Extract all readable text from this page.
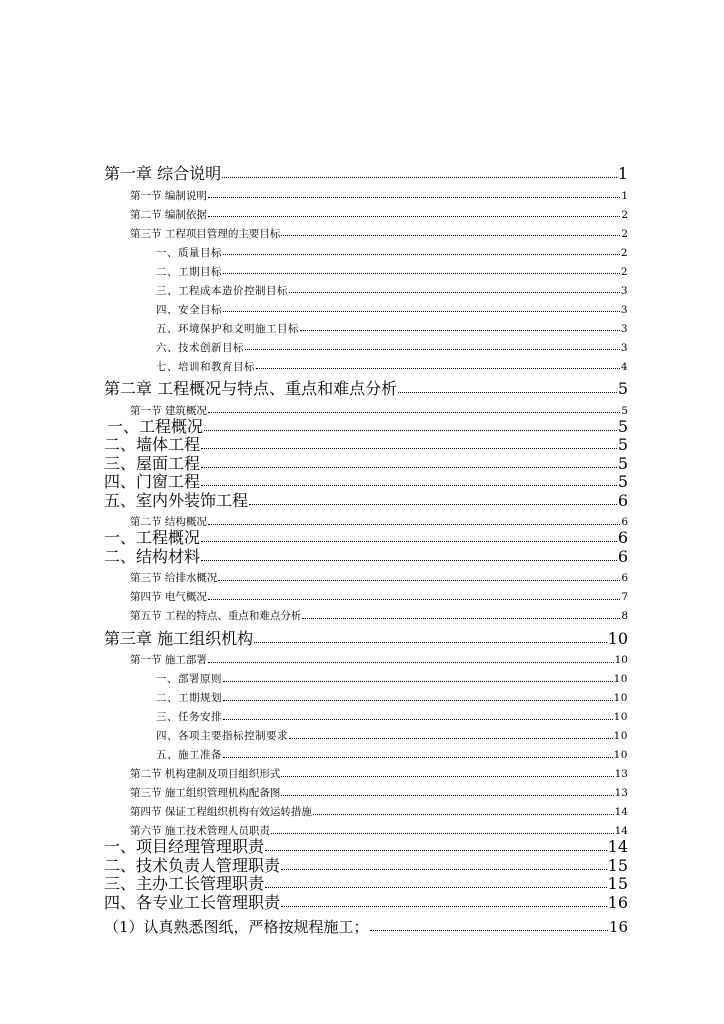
第一章 综合说明	1
第一节 编制说明	1
第二节 编制依据	2
第三节 工程项目管理的主要目标	2
一、质量目标	2
二、工期目标	2
三、工程成本造价控制目标	3
四、安全目标	3
五、环境保护和文明施工目标	3
六、技术创新目标	3
七、培训和教育目标	4
第二章 工程概况与特点、重点和难点分析	5
第一节 建筑概况	5
一、工程概况	5
二、墙体工程	5
三、屋面工程	5
四、门窗工程	5
五、室内外装饰工程	6
第二节 结构概况	6
一、工程概况	6
二、结构材料	6
第三节 给排水概况	6
第四节 电气概况	7
第五节 工程的特点、重点和难点分析	8
第三章 施工组织机构	10
第一节 施工部署	10
一、部署原则	10
二、工期规划	10
三、任务安排	10
四、各项主要指标控制要求	10
五、施工准备	10
第二节 机构建制及项目组织形式	13
第三节 施工组织管理机构配备图	13
第四节 保证工程组织机构有效运转措施	14
第六节 施工技术管理人员职责	14
一、项目经理管理职责	14
二、技术负责人管理职责	15
三、主办工长管理职责	15
四、各专业工长管理职责	16
（1）认真熟悉图纸，严格按规程施工；	16
